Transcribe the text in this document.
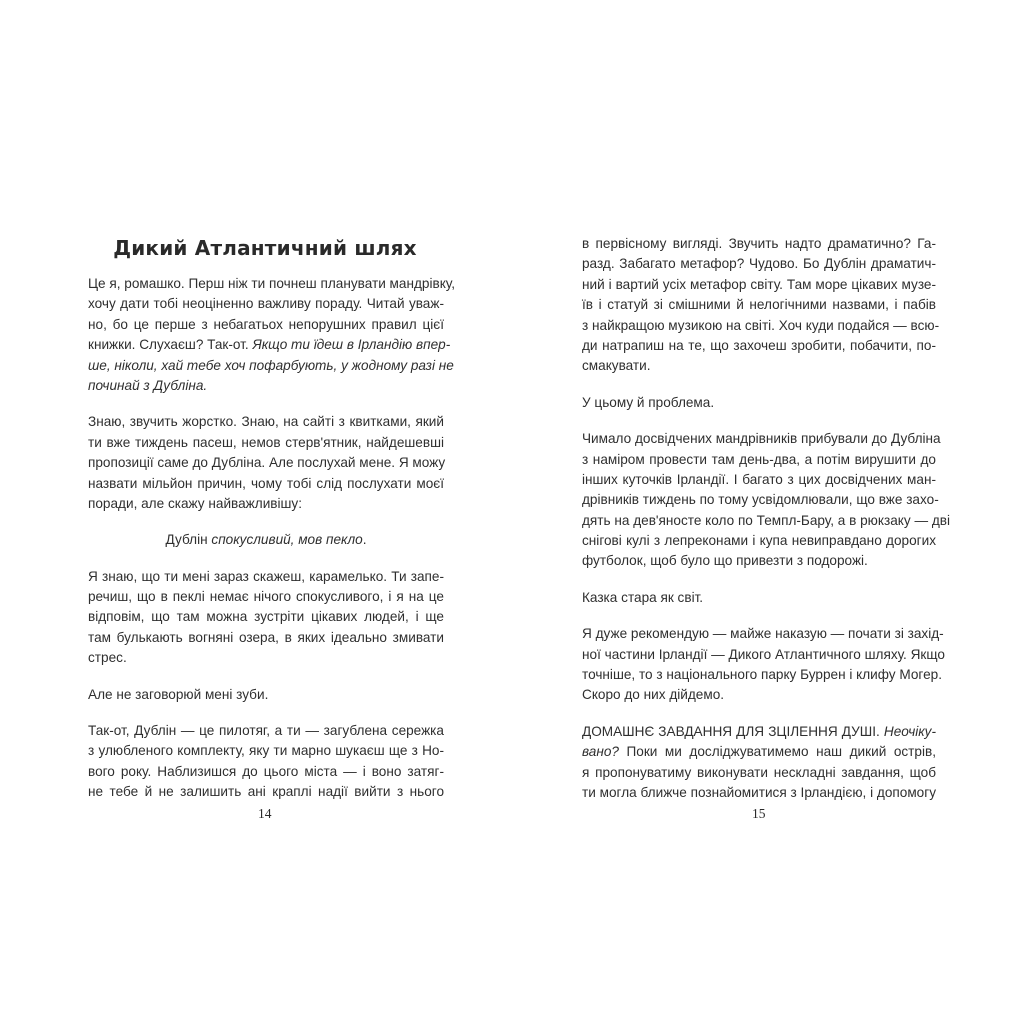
Дикий Атлантичний шлях
Це я, ромашко. Перш ніж ти почнеш планувати мандрівку,
хочу дати тобі неоціненно важливу пораду. Читай уваж-
но, бо це перше з небагатьох непорушних правил цієї
книжки. Слухаєш? Так-от. Якщо ти їдеш в Ірландію впер-
ше, ніколи, хай тебе хоч пофарбують, у жодному разі не
починай з Дубліна.
Знаю, звучить жорстко. Знаю, на сайті з квитками, який
ти вже тиждень пасеш, немов стерв'ятник, найдешевші
пропозиції саме до Дубліна. Але послухай мене. Я можу
назвати мільйон причин, чому тобі слід послухати моєї
поради, але скажу найважливішу:
Дублін спокусливий, мов пекло.
Я знаю, що ти мені зараз скажеш, карамелько. Ти запе-
речиш, що в пеклі немає нічого спокусливого, і я на це
відповім, що там можна зустріти цікавих людей, і ще
там булькають вогняні озера, в яких ідеально змивати
стрес.
Але не заговорюй мені зуби.
Так-от, Дублін — це пилотяг, а ти — загублена сережка
з улюбленого комплекту, яку ти марно шукаєш ще з Но-
вого року. Наблизишся до цього міста — і воно затяг-
не тебе й не залишить ані краплі надії вийти з нього
14
в первісному вигляді. Звучить надто драматично? Га-
разд. Забагато метафор? Чудово. Бо Дублін драматич-
ний і вартий усіх метафор світу. Там море цікавих музе-
їв і статуй зі смішними й нелогічними назвами, і пабів
з найкращою музикою на світі. Хоч куди подайся — всю-
ди натрапиш на те, що захочеш зробити, побачити, по-
смакувати.
У цьому й проблема.
Чимало досвідчених мандрівників прибували до Дубліна
з наміром провести там день-два, а потім вирушити до
інших куточків Ірландії. І багато з цих досвідчених ман-
дрівників тиждень по тому усвідомлювали, що вже захо-
дять на дев'яносте коло по Темпл-Бару, а в рюкзаку — дві
снігові кулі з лепреконами і купа невиправдано дорогих
футболок, щоб було що привезти з подорожі.
Казка стара як світ.
Я дуже рекомендую — майже наказую — почати зі захід-
ної частини Ірландії — Дикого Атлантичного шляху. Якщо
точніше, то з національного парку Буррен і клифу Могер.
Скоро до них дійдемо.
ДОМАШНЄ ЗАВДАННЯ ДЛЯ ЗЦІЛЕННЯ ДУШІ. Неочіку-
вано? Поки ми досліджуватимемо наш дикий острів,
я пропонуватиму виконувати нескладні завдання, щоб
ти могла ближче познайомитися з Ірландією, і допомогу
15
